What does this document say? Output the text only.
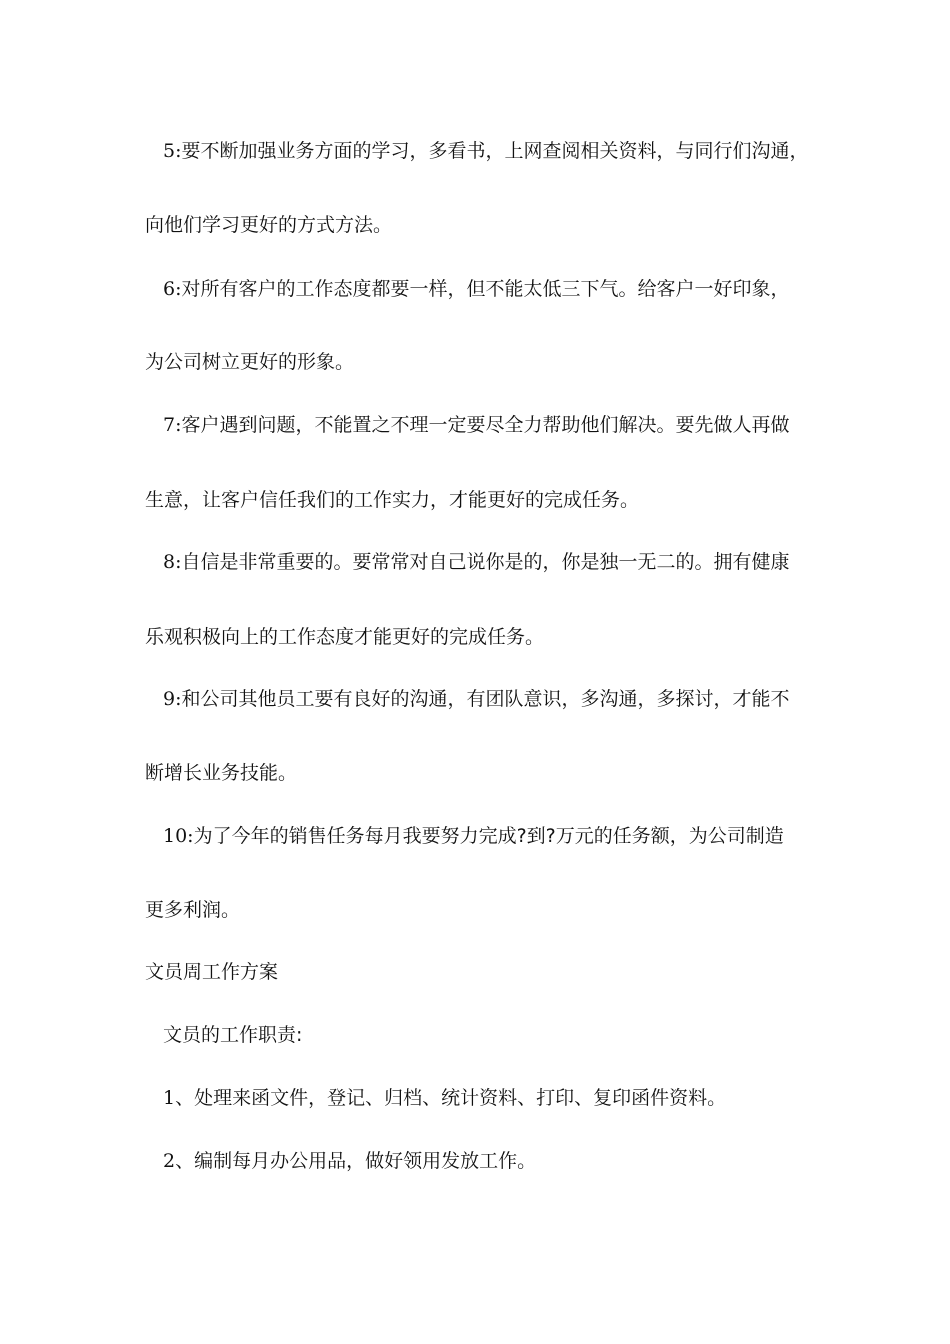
5:要不断加强业务方面的学习，多看书，上网查阅相关资料，与同行们沟通，
向他们学习更好的方式方法。
6:对所有客户的工作态度都要一样，但不能太低三下气。给客户一好印象，
为公司树立更好的形象。
7:客户遇到问题，不能置之不理一定要尽全力帮助他们解决。要先做人再做
生意，让客户信任我们的工作实力，才能更好的完成任务。
8:自信是非常重要的。要常常对自己说你是的，你是独一无二的。拥有健康
乐观积极向上的工作态度才能更好的完成任务。
9:和公司其他员工要有良好的沟通，有团队意识，多沟通，多探讨，才能不
断增长业务技能。
10:为了今年的销售任务每月我要努力完成?到?万元的任务额，为公司制造
更多利润。
文员周工作方案
文员的工作职责:
1、处理来函文件，登记、归档、统计资料、打印、复印函件资料。
2、编制每月办公用品，做好领用发放工作。
